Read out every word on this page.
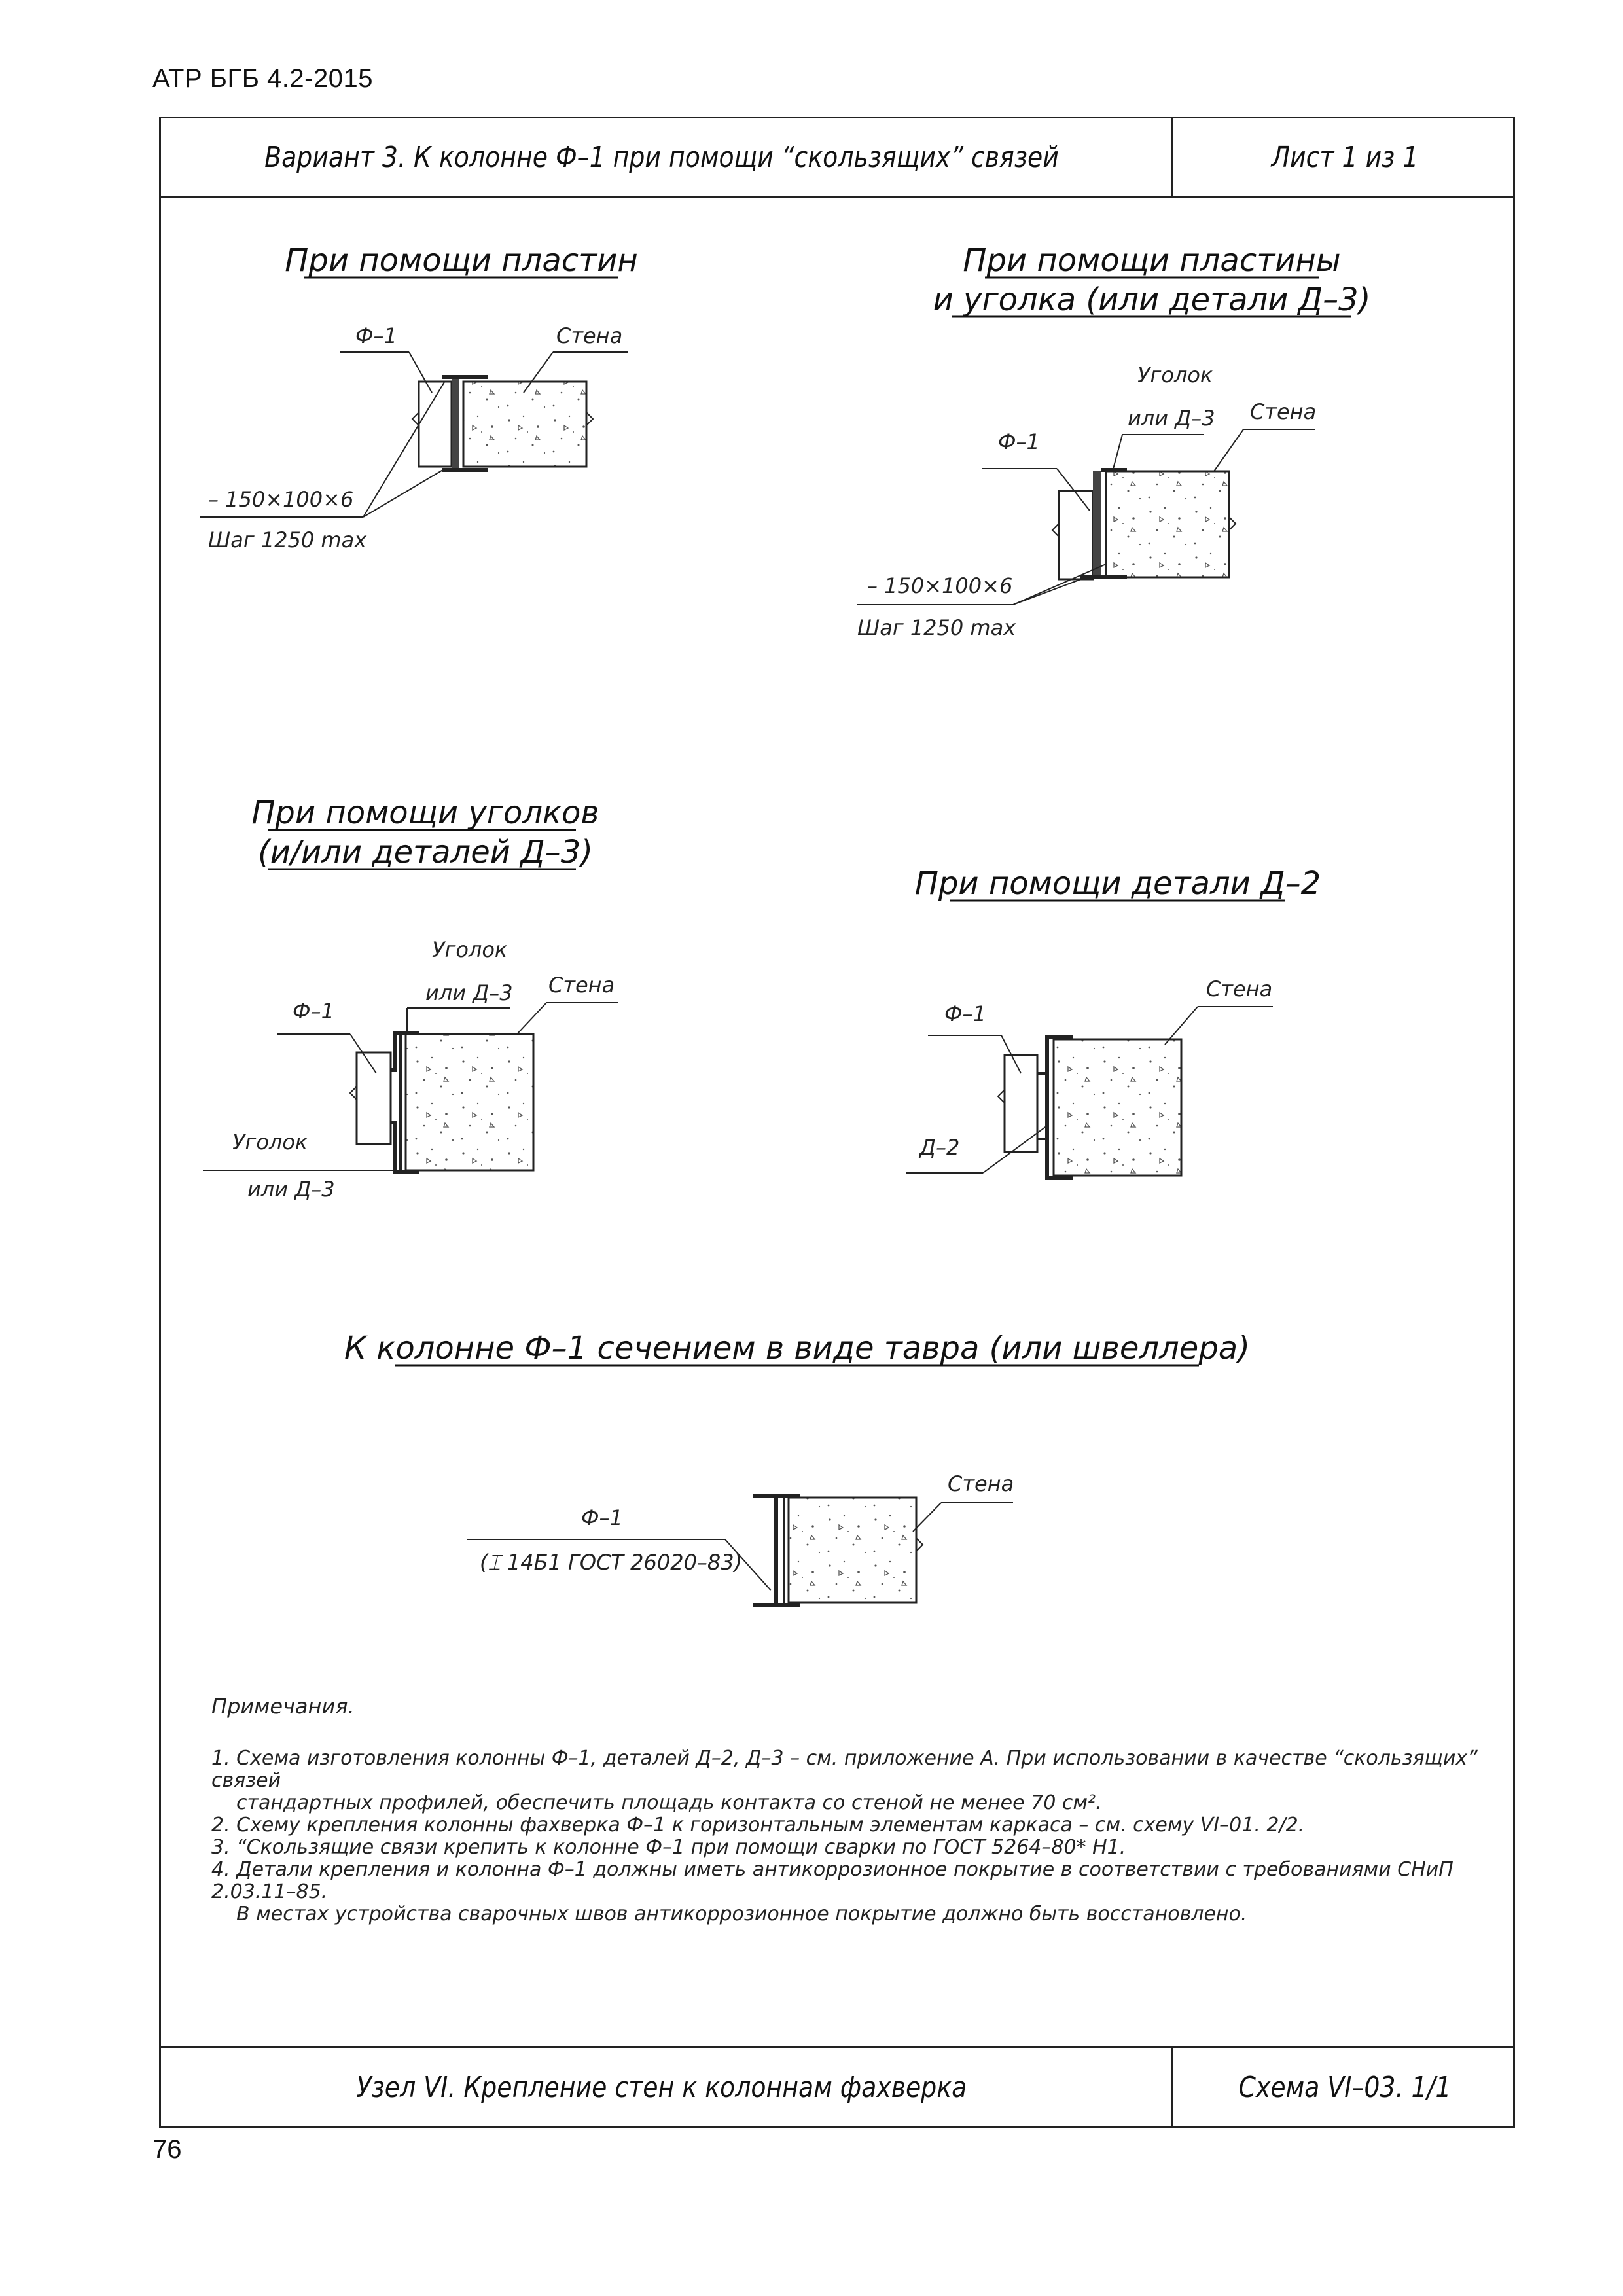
АТР БГБ 4.2-2015
Вариант 3. К колонне Ф–1 при помощи “скользящих” связей	Лист 1 из 1
Узел VI. Крепление стен к колоннам фахверка	Схема VI–03. 1/1
При помощи пластин
Ф–1	Стена
– 150×100×6
Шаг 1250 max
При помощи пластины
и уголка (или детали Д–3)
Уголок
или Д–3 Стена
Ф–1
– 150×100×6
Шаг 1250 max
При помощи уголков
(и/или деталей Д–3)
Уголок
или Д–3 Стена
Ф–1
Уголок
или Д–3
При помощи детали Д–2
Стена
Ф–1
Д–2
К колонне Ф–1 сечением в виде тавра (или швеллера)
Стена
Ф–1
(⌶ 14Б1 ГОСТ 26020–83)
Примечания.

1. Схема изготовления колонны Ф–1, деталей Д–2, Д–3 – см. приложение А. При использовании в качестве “скользящих” связей

стандартных профилей, обеспечить площадь контакта со стеной не менее 70 см².

2. Схему крепления колонны фахверка Ф–1 к горизонтальным элементам каркаса – см. схему VI–01. 2/2.

3. “Скользящие связи крепить к колонне Ф–1 при помощи сварки по ГОСТ 5264–80* Н1.

4. Детали крепления и колонна Ф–1 должны иметь антикоррозионное покрытие в соответствии с требованиями СНиП 2.03.11–85.

В местах устройства сварочных швов антикоррозионное покрытие должно быть восстановлено.

76
